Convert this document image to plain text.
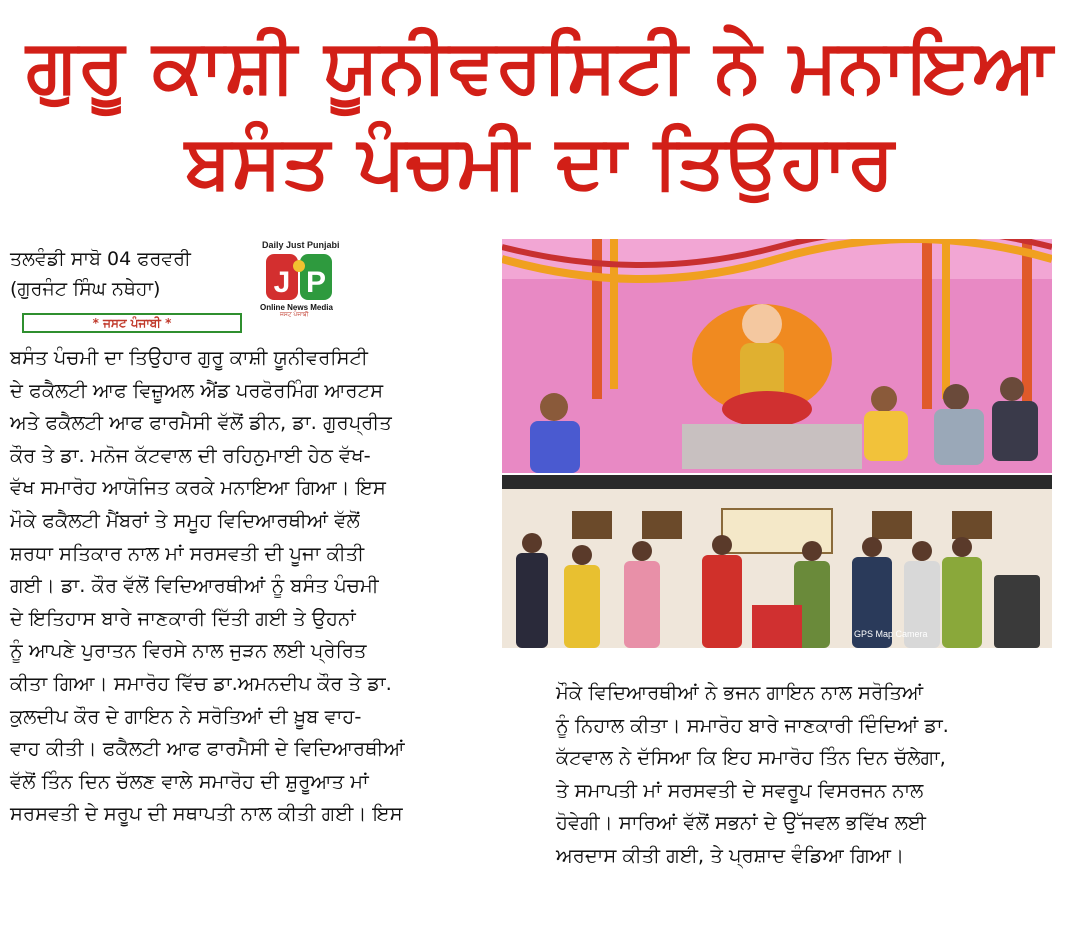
ਗੁਰੂ ਕਾਸ਼ੀ ਯੂਨੀਵਰਸਿਟੀ ਨੇ ਮਨਾਇਆ
ਬਸੰਤ ਪੰਚਮੀ ਦਾ ਤਿਉਹਾਰ
ਤਲਵੰਡੀ ਸਾਬੋ 04 ਫਰਵਰੀ
(ਗੁਰਜੰਟ ਸਿੰਘ ਨਥੇਹਾ)
* ਜਸਟ ਪੰਜਾਬੀ *
Daily Just Punjabi
J P
Online News Media
ਜਸਟ ਪੰਜਾਬੀ
ਬਸੰਤ ਪੰਚਮੀ ਦਾ ਤਿਉਹਾਰ ਗੁਰੂ ਕਾਸ਼ੀ ਯੂਨੀਵਰਸਿਟੀ
ਦੇ ਫਕੈਲਟੀ ਆਫ ਵਿਜ਼ੂਅਲ ਐਂਡ ਪਰਫੋਰਮਿੰਗ ਆਰਟਸ
ਅਤੇ ਫਕੈਲਟੀ ਆਫ ਫਾਰਮੈਸੀ ਵੱਲੋਂ ਡੀਨ, ਡਾ. ਗੁਰਪ੍ਰੀਤ
ਕੌਰ ਤੇ ਡਾ. ਮਨੋਜ ਕੱਟਵਾਲ ਦੀ ਰਹਿਨੁਮਾਈ ਹੇਠ ਵੱਖ-
ਵੱਖ ਸਮਾਰੋਹ ਆਯੋਜਿਤ ਕਰਕੇ ਮਨਾਇਆ ਗਿਆ। ਇਸ
ਮੌਕੇ ਫਕੈਲਟੀ ਮੈਂਬਰਾਂ ਤੇ ਸਮੂਹ ਵਿਦਿਆਰਥੀਆਂ ਵੱਲੋਂ
ਸ਼ਰਧਾ ਸਤਿਕਾਰ ਨਾਲ ਮਾਂ ਸਰਸਵਤੀ ਦੀ ਪੂਜਾ ਕੀਤੀ
ਗਈ। ਡਾ. ਕੌਰ ਵੱਲੋਂ ਵਿਦਿਆਰਥੀਆਂ ਨੂੰ ਬਸੰਤ ਪੰਚਮੀ
ਦੇ ਇਤਿਹਾਸ ਬਾਰੇ ਜਾਣਕਾਰੀ ਦਿੱਤੀ ਗਈ ਤੇ ਉਹਨਾਂ
ਨੂੰ ਆਪਣੇ ਪੁਰਾਤਨ ਵਿਰਸੇ ਨਾਲ ਜੁੜਨ ਲਈ ਪ੍ਰੇਰਿਤ
ਕੀਤਾ ਗਿਆ। ਸਮਾਰੋਹ ਵਿੱਚ ਡਾ.ਅਮਨਦੀਪ ਕੌਰ ਤੇ ਡਾ.
ਕੁਲਦੀਪ ਕੌਰ ਦੇ ਗਾਇਨ ਨੇ ਸਰੋਤਿਆਂ ਦੀ ਖ਼ੂਬ ਵਾਹ-
ਵਾਹ ਕੀਤੀ। ਫਕੈਲਟੀ ਆਫ ਫਾਰਮੈਸੀ ਦੇ ਵਿਦਿਆਰਥੀਆਂ
ਵੱਲੋਂ ਤਿੰਨ ਦਿਨ ਚੱਲਣ ਵਾਲੇ ਸਮਾਰੋਹ ਦੀ ਸ਼ੁਰੂਆਤ ਮਾਂ
ਸਰਸਵਤੀ ਦੇ ਸਰੂਪ ਦੀ ਸਥਾਪਤੀ ਨਾਲ ਕੀਤੀ ਗਈ। ਇਸ
GPS Map Camera
ਮੌਕੇ ਵਿਦਿਆਰਥੀਆਂ ਨੇ ਭਜਨ ਗਾਇਨ ਨਾਲ ਸਰੋਤਿਆਂ
ਨੂੰ ਨਿਹਾਲ ਕੀਤਾ। ਸਮਾਰੋਹ ਬਾਰੇ ਜਾਣਕਾਰੀ ਦਿੰਦਿਆਂ ਡਾ.
ਕੱਟਵਾਲ ਨੇ ਦੱਸਿਆ ਕਿ ਇਹ ਸਮਾਰੋਹ ਤਿੰਨ ਦਿਨ ਚੱਲੇਗਾ,
ਤੇ ਸਮਾਪਤੀ ਮਾਂ ਸਰਸਵਤੀ ਦੇ ਸਵਰੂਪ ਵਿਸਰਜਨ ਨਾਲ
ਹੋਵੇਗੀ। ਸਾਰਿਆਂ ਵੱਲੋਂ ਸਭਨਾਂ ਦੇ ਉੱਜਵਲ ਭਵਿੱਖ ਲਈ
ਅਰਦਾਸ ਕੀਤੀ ਗਈ, ਤੇ ਪ੍ਰਸ਼ਾਦ ਵੰਡਿਆ ਗਿਆ।
